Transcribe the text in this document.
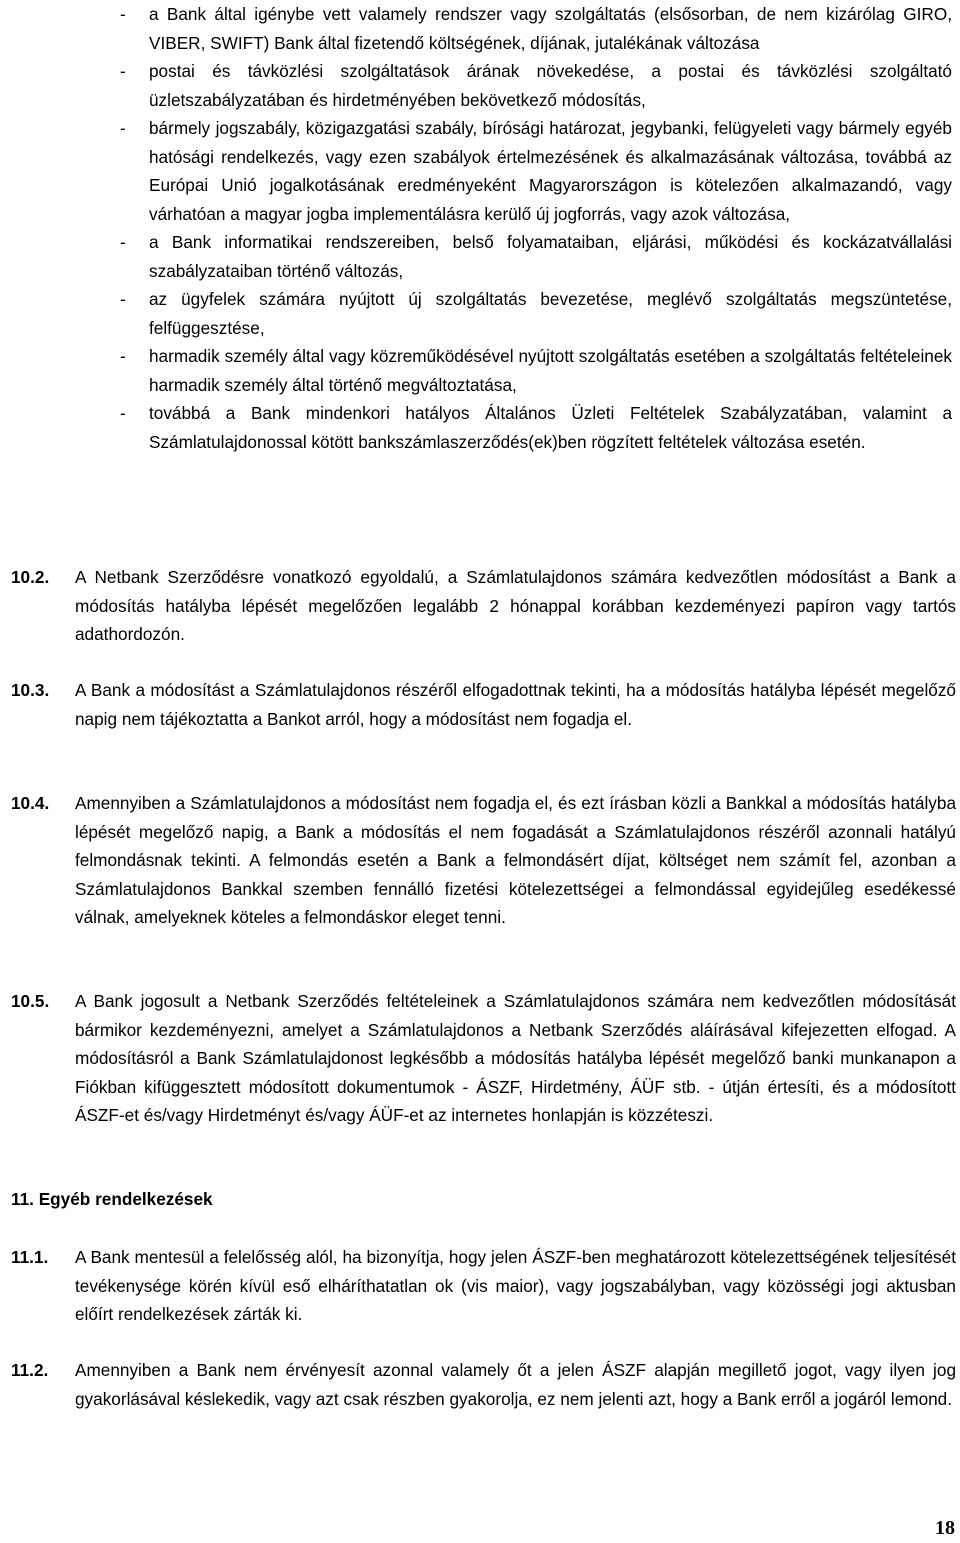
- a Bank által igénybe vett valamely rendszer vagy szolgáltatás (elsősorban, de nem kizárólag GIRO, VIBER, SWIFT) Bank által fizetendő költségének, díjának, jutalékának változása
- postai és távközlési szolgáltatások árának növekedése, a postai és távközlési szolgáltató üzletszabályzatában és hirdetményében bekövetkező módosítás,
- bármely jogszabály, közigazgatási szabály, bírósági határozat, jegybanki, felügyeleti vagy bármely egyéb hatósági rendelkezés, vagy ezen szabályok értelmezésének és alkalmazásának változása, továbbá az Európai Unió jogalkotásának eredményeként Magyarországon is kötelezően alkalmazandó, vagy várhatóan a magyar jogba implementálásra kerülő új jogforrás, vagy azok változása,
- a Bank informatikai rendszereiben, belső folyamataiban, eljárási, működési és kockázatvállalási szabályzataiban történő változás,
- az ügyfelek számára nyújtott új szolgáltatás bevezetése, meglévő szolgáltatás megszüntetése, felfüggesztése,
- harmadik személy által vagy közreműködésével nyújtott szolgáltatás esetében a szolgáltatás feltételeinek harmadik személy által történő megváltoztatása,
- továbbá a Bank mindenkori hatályos Általános Üzleti Feltételek Szabályzatában, valamint a Számlatulajdonossal kötött bankszámlaszerződés(ek)ben rögzített feltételek változása esetén.
10.2. A Netbank Szerződésre vonatkozó egyoldalú, a Számlatulajdonos számára kedvezőtlen módosítást a Bank a módosítás hatályba lépését megelőzően legalább 2 hónappal korábban kezdeményezi papíron vagy tartós adathordozón.
10.3. A Bank a módosítást a Számlatulajdonos részéről elfogadottnak tekinti, ha a módosítás hatályba lépését megelőző napig nem tájékoztatta a Bankot arról, hogy a módosítást nem fogadja el.
10.4. Amennyiben a Számlatulajdonos a módosítást nem fogadja el, és ezt írásban közli a Bankkal a módosítás hatályba lépését megelőző napig, a Bank a módosítás el nem fogadását a Számlatulajdonos részéről azonnali hatályú felmondásnak tekinti. A felmondás esetén a Bank a felmondásért díjat, költséget nem számít fel, azonban a Számlatulajdonos Bankkal szemben fennálló fizetési kötelezettségei a felmondással egyidejűleg esedékessé válnak, amelyeknek köteles a felmondáskor eleget tenni.
10.5. A Bank jogosult a Netbank Szerződés feltételeinek a Számlatulajdonos számára nem kedvezőtlen módosítását bármikor kezdeményezni, amelyet a Számlatulajdonos a Netbank Szerződés aláírásával kifejezetten elfogad. A módosításról a Bank Számlatulajdonost legkésőbb a módosítás hatályba lépését megelőző banki munkanapon a Fiókban kifüggesztett módosított dokumentumok - ÁSZF, Hirdetmény, ÁÜF stb. - útján értesíti, és a módosított ÁSZF-et és/vagy Hirdetményt és/vagy ÁÜF-et az internetes honlapján is közzéteszi.
11. Egyéb rendelkezések
11.1. A Bank mentesül a felelősség alól, ha bizonyítja, hogy jelen ÁSZF-ben meghatározott kötelezettségének teljesítését tevékenysége körén kívül eső elháríthatatlan ok (vis maior), vagy jogszabályban, vagy közösségi jogi aktusban előírt rendelkezések zárták ki.
11.2. Amennyiben a Bank nem érvényesít azonnal valamely őt a jelen ÁSZF alapján megillető jogot, vagy ilyen jog gyakorlásával késlekedik, vagy azt csak részben gyakorolja, ez nem jelenti azt, hogy a Bank erről a jogáról lemond.
18
